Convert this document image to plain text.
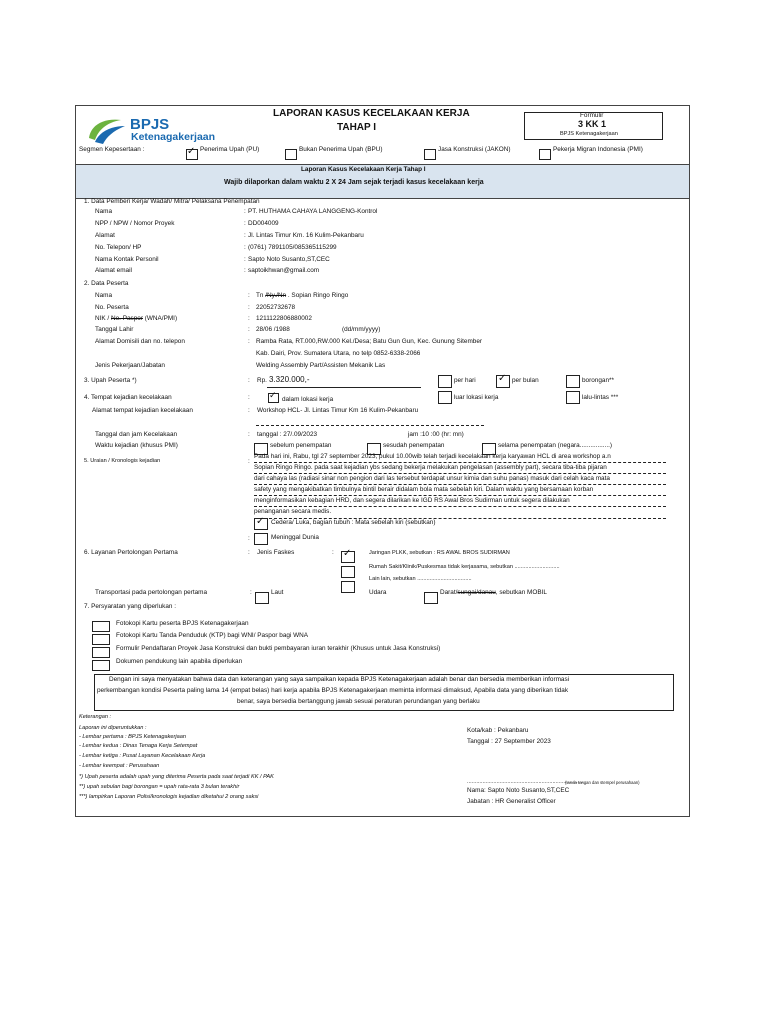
BPJS
Ketenagakerjaan
LAPORAN KASUS KECELAKAAN KERJA
TAHAP I
Formulir
3 KK 1
BPJS Ketenagakerjaan
Segmen Kepesertaan :	✓ Penerima Upah (PU)	Bukan Penerima Upah (BPU)	Jasa Konstruksi (JAKON)	Pekerja Migran Indonesia (PMI)
Laporan Kasus Kecelakaan Kerja Tahap I
Wajib dilaporkan dalam waktu 2 X 24 Jam sejak terjadi kasus kecelakaan kerja
1. Data Pemberi Kerja/ Wadah/ Mitra/ Pelaksana Penempatan
Nama	PT. HUTHAMA CAHAYA LANGGENG-Kontrol
NPP / NPW / Nomor Proyek	DD004009
Alamat	Jl. Lintas Timur Km. 16 Kulim-Pekanbaru
No. Telepon/ HP	(0761) 7891105/085365115299
Nama Kontak Personil	Sapto Noto Susanto,ST,CEC
Alamat email	saptoikhwan@gmail.com
:
:
:
:
:
:
2. Data Peserta
Nama	: Tn /Ny./Nn . Sopian Ringo Ringo
No. Peserta	: 22052732678
NIK / No. Paspor (WNA/PMI)	: 1211122806880002
Tanggal Lahir	: 28/06 /1988	(dd/mm/yyyy)
Alamat Domisili dan no. telepon	: Ramba Rata, RT.000,RW.000 Kel./Desa; Batu Gun Gun, Kec. Gunung Sitember
Kab. Dairi, Prov. Sumatera Utara, no telp 0852-6338-2066
Jenis Pekerjaan/Jabatan	Welding Assembly Part/Assisten Mekanik Las
3. Upah Peserta *)	: Rp. 3.320.000,-	per hari ✓ per bulan	borongan**
4. Tempat kejadian kecelakaan	: ✓ dalam lokasi kerja	luar lokasi kerja	lalu-lintas ***
Alamat tempat kejadian kecelakaan	: Workshop HCL- Jl. Lintas Timur Km 16 Kulim-Pekanbaru
Tanggal dan jam Kecelakaan	: tanggal : 27/.09/2023	jam :10 :00 (hr: mn)
Waktu kejadian (khusus PMI)	sebelum penempatan	sesudah penempatan	selama penempatan (negara.................)
5. Uraian / Kronologis kejadian	:
Pada hari ini, Rabu, tgl 27 september 2023, pukul 10.00wib telah terjadi kecelakaan kerja karyawan HCL di area workshop a.n
Sopian Ringo Ringo. pada saat kejadian ybs sedang bekerja melakukan pengelasan (assembly part), secara tiba-tiba pijaran
dari cahaya las (radiasi sinar non pengion dari las tersebut terdapat unsur kimia dan suhu panas) masuk dari celah kaca mata
safety yang mengakibatkan timbulnya bintil berair didalam bola mata sebelah kiri. Dalam waktu yang bersamaan korban
menginformasikan kebagian HRD, dan segera dilarikan ke IGD RS Awal Bros Sudirman untuk segera dilakukan
penanganan secara medis.
✓ Cedera/ Luka, bagian tubuh : Mata sebelah kiri (sebutkan)
:	Meninggal Dunia
6. Layanan Pertolongan Pertama	: Jenis Faskes	: ✓	Jaringan PLKK, sebutkan : RS AWAL BROS SUDIRMAN
Rumah Sakit/Klinik/Puskesmas tidak kerjasama, sebutkan .............................
Lain lain, sebutkan ...................................
Transportasi pada pertolongan pertama	:	Laut	Udara	Darat/sungai/danau, sebutkan MOBIL
7. Persyaratan yang diperlukan :
Fotokopi Kartu peserta BPJS Ketenagakerjaan
Fotokopi Kartu Tanda Penduduk (KTP) bagi WNI/ Paspor bagi WNA
Formulir Pendaftaran Proyek Jasa Konstruksi dan bukti pembayaran iuran terakhir (Khusus untuk Jasa Konstruksi)
Dokumen pendukung lain apabila diperlukan
Dengan ini saya menyatakan bahwa data dan keterangan yang saya sampaikan kepada BPJS Ketenagakerjaan adalah benar dan bersedia memberikan informasi
perkembangan kondisi Peserta paling lama 14 (empat belas) hari kerja apabila BPJS Ketenagakerjaan meminta informasi dimaksud, Apabila data yang diberikan tidak
benar, saya bersedia bertanggung jawab sesuai peraturan perundangan yang berlaku
Keterangan :
Laporan ini diperuntukkan :
- Lembar pertama : BPJS Ketenagakerjaan
- Lembar kedua : Dinas Tenaga Kerja Setempat
- Lembar ketiga : Pusat Layanan Kecelakaan Kerja
- Lembar keempat : Perusahaan
*) Upah peserta adalah upah yang diterima Peserta pada saat terjadi KK / PAK
**) upah sebulan bagi borongan = upah rata-rata 3 bulan terakhir
***) lampirkan Laporan Polisi/kronologis kejadian diketahui 2 orang saksi
Kota/kab : Pekanbaru
Tanggal : 27 September 2023
...........................................................................
(tanda tangan dan stempel perusahaan)
Nama: Sapto Noto Susanto,ST,CEC
Jabatan : HR Generalist Officer
